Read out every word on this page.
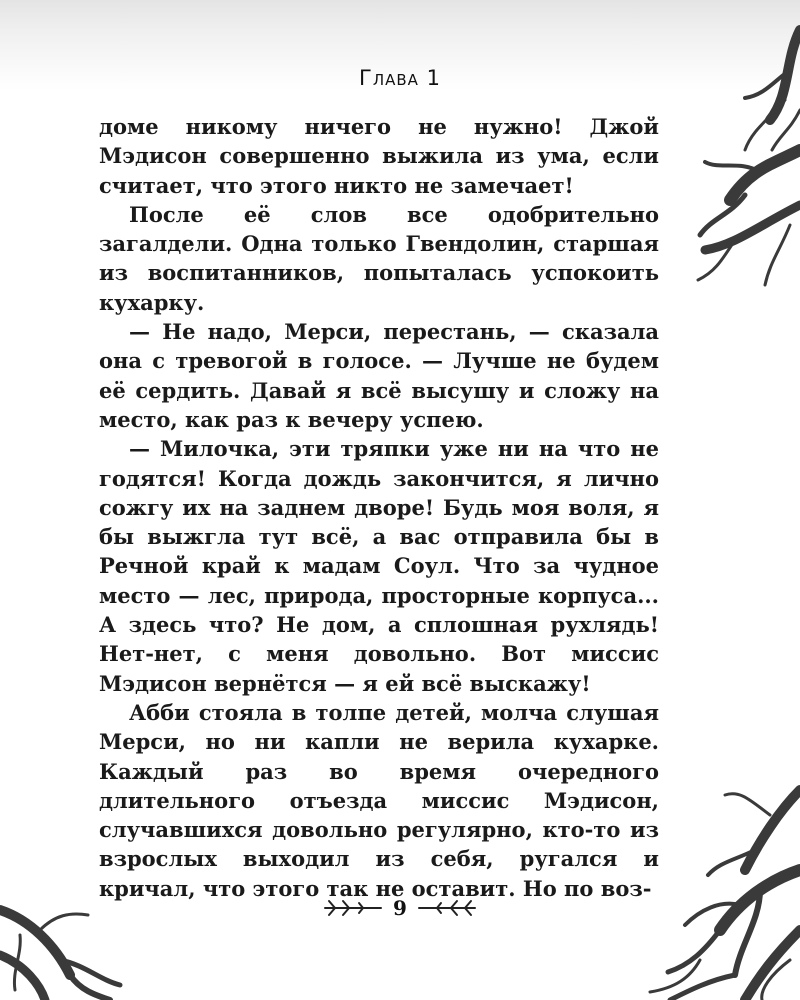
Глава 1

доме никому ничего не нужно! Джой Мэдисон совершенно выжила из ума, если считает, что этого никто не замечает!

После её слов все одобрительно загалдели. Одна только Гвендолин, старшая из воспитанников, попыталась успокоить кухарку.

— Не надо, Мерси, перестань, — сказала она с тревогой в голосе. — Лучше не будем её сердить. Давай я всё высушу и сложу на место, как раз к вечеру успею.

— Милочка, эти тряпки уже ни на что не годятся! Когда дождь закончится, я лично сожгу их на заднем дворе! Будь моя воля, я бы выжгла тут всё, а вас отправила бы в Речной край к мадам Соул. Что за чудное место — лес, природа, просторные корпуса... А здесь что? Не дом, а сплошная рухлядь! Нет-нет, с меня довольно. Вот миссис Мэдисон вернётся — я ей всё выскажу!

Абби стояла в толпе детей, молча слушая Мерси, но ни капли не верила кухарке. Каждый раз во время очередного длительного отъезда миссис Мэдисон, случавшихся довольно регулярно, кто-то из взрослых выходил из себя, ругался и кричал, что этого так не оставит. Но по воз-

9
